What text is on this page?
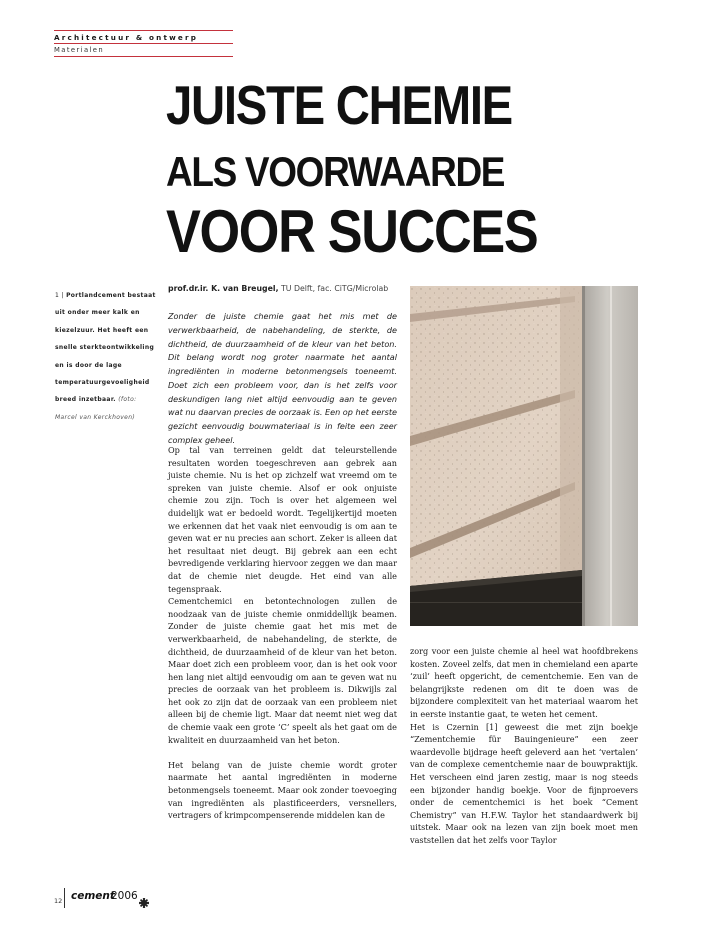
Architectuur & ontwerp
Materialen
JUISTE CHEMIE
ALS VOORWAARDE
VOOR SUCCES
1 | Portlandcement bestaat uit onder meer kalk en kiezelzuur. Het heeft een snelle sterkteontwikkeling en is door de lage temperatuurgevoeligheid breed inzetbaar. (foto: Marcel van Kerckhoven)
prof.dr.ir. K. van Breugel, TU Delft, fac. CiTG/Microlab
Zonder de juiste chemie gaat het mis met de verwerkbaarheid, de nabehandeling, de sterkte, de dichtheid, de duurzaamheid of de kleur van het beton. Dit belang wordt nog groter naarmate het aantal ingrediënten in moderne betonmengsels toeneemt. Doet zich een probleem voor, dan is het zelfs voor deskundigen lang niet altijd eenvoudig aan te geven wat nu daarvan precies de oorzaak is. Een op het eerste gezicht eenvoudig bouwmateriaal is in feite een zeer complex geheel.

Op tal van terreinen geldt dat teleurstellende resultaten worden toegeschreven aan gebrek aan juiste chemie. Nu is het op zichzelf wat vreemd om te spreken van juiste chemie. Alsof er ook onjuiste chemie zou zijn. Toch is over het algemeen wel duidelijk wat er bedoeld wordt. Tegelijkertijd moeten we erkennen dat het vaak niet eenvoudig is om aan te geven wat er nu precies aan schort. Zeker is alleen dat het resultaat niet deugt. Bij gebrek aan een echt bevredigende verklaring hiervoor zeggen we dan maar dat de chemie niet deugde. Het eind van alle tegenspraak.

Cementchemici en betontechnologen zullen de noodzaak van de juiste chemie onmiddellijk beamen. Zonder de juiste chemie gaat het mis met de verwerkbaarheid, de nabehandeling, de sterkte, de dichtheid, de duurzaamheid of de kleur van het beton. Maar doet zich een probleem voor, dan is het ook voor hen lang niet altijd eenvoudig om aan te geven wat nu precies de oorzaak van het probleem is. Dikwijls zal het ook zo zijn dat de oorzaak van een probleem niet alleen bij de chemie ligt. Maar dat neemt niet weg dat de chemie vaak een grote ‘C’ speelt als het gaat om de kwaliteit en duurzaamheid van het beton.

Het belang van de juiste chemie wordt groter naarmate het aantal ingrediënten in moderne betonmengsels toeneemt. Maar ook zonder toevoeging van ingrediënten als plastificeerders, versnellers, vertragers of krimpcompenserende middelen kan de

zorg voor een juiste chemie al heel wat hoofdbrekens kosten. Zoveel zelfs, dat men in chemieland een aparte ‘zuil’ heeft opgericht, de cementchemie. Een van de belangrijkste redenen om dit te doen was de bijzondere complexiteit van het materiaal waarom het in eerste instantie gaat, te weten het cement.

Het is Czernin [1] geweest die met zijn boekje “Zementchemie für Bauingenieure” een zeer waardevolle bijdrage heeft geleverd aan het ‘vertalen’ van de complexe cementchemie naar de bouwpraktijk. Het verscheen eind jaren zestig, maar is nog steeds een bijzonder handig boekje. Voor de fijnproevers onder de cementchemici is het boek “Cement Chemistry” van H.F.W. Taylor het standaardwerk bij uitstek. Maar ook na lezen van zijn boek moet men vaststellen dat het zelfs voor Taylor

12 cement
2006
